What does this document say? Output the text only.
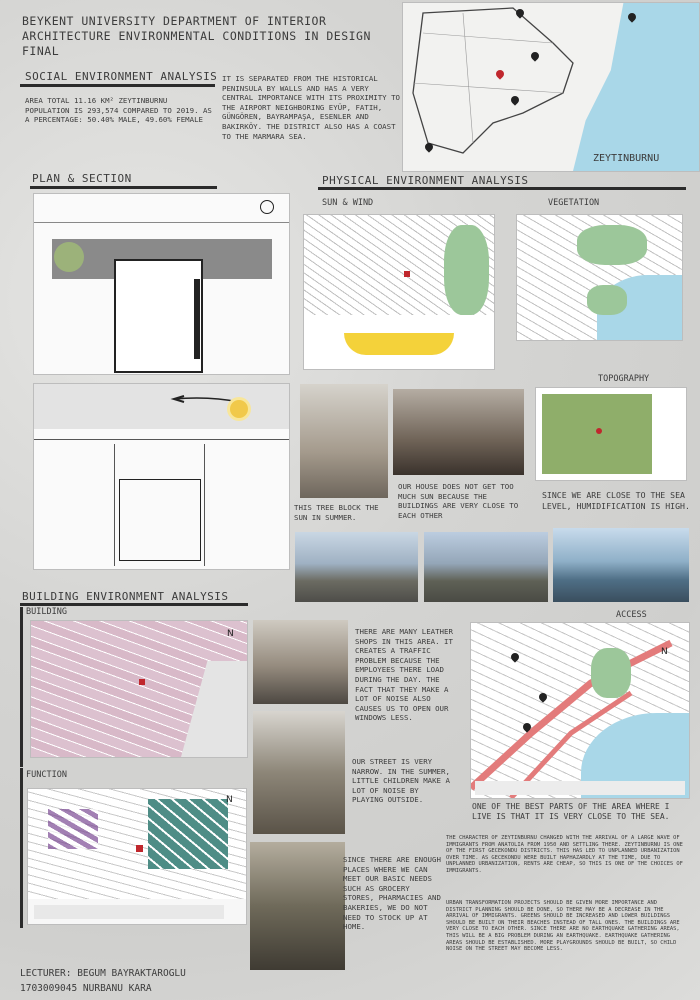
BEYKENT UNIVERSITY DEPARTMENT OF INTERIOR ARCHITECTURE ENVIRONMENTAL CONDITIONS IN DESIGN FINAL
SOCIAL ENVIRONMENT ANALYSIS
AREA TOTAL 11.16 KM² ZEYTINBURNU POPULATION IS 293,574 COMPARED TO 2019. AS A PERCENTAGE: 50.40% MALE, 49.60% FEMALE
IT IS SEPARATED FROM THE HISTORICAL PENINSULA BY WALLS AND HAS A VERY CENTRAL IMPORTANCE WITH ITS PROXIMITY TO THE AIRPORT NEIGHBORING EYÜP, FATIH, GÜNGÖREN, BAYRAMPAŞA, ESENLER AND BAKIRKÖY. THE DISTRICT ALSO HAS A COAST TO THE MARMARA SEA.
ZEYTINBURNU
PLAN & SECTION	PHYSICAL ENVIRONMENT ANALYSIS
SUN & WIND	VEGETATION
TOPOGRAPHY
THIS TREE BLOCK THE SUN IN SUMMER.
OUR HOUSE DOES NOT GET TOO MUCH SUN BECAUSE THE BUILDINGS ARE VERY CLOSE TO EACH OTHER
SINCE WE ARE CLOSE TO THE SEA LEVEL, HUMIDIFICATION IS HIGH.
BUILDING ENVIRONMENT ANALYSIS
BUILDING
N
FUNCTION
N
THERE ARE MANY LEATHER SHOPS IN THIS AREA. IT CREATES A TRAFFIC PROBLEM BECAUSE THE EMPLOYEES THERE LOAD DURING THE DAY. THE FACT THAT THEY MAKE A LOT OF NOISE ALSO CAUSES US TO OPEN OUR WINDOWS LESS.
OUR STREET IS VERY NARROW. IN THE SUMMER, LITTLE CHILDREN MAKE A LOT OF NOISE BY PLAYING OUTSIDE.
SINCE THERE ARE ENOUGH PLACES WHERE WE CAN MEET OUR BASIC NEEDS SUCH AS GROCERY STORES, PHARMACIES AND BAKERIES, WE DO NOT NEED TO STOCK UP AT HOME.
ACCESS
N
ONE OF THE BEST PARTS OF THE AREA WHERE I LIVE IS THAT IT IS VERY CLOSE TO THE SEA.
THE CHARACTER OF ZEYTINBURNU CHANGED WITH THE ARRIVAL OF A LARGE WAVE OF IMMIGRANTS FROM ANATOLIA FROM 1950 AND SETTLING THERE. ZEYTINBURNU IS ONE OF THE FIRST GECEKONDU DISTRICTS. THIS HAS LED TO UNPLANNED URBANIZATION OVER TIME. AS GECEKONDU WERE BUILT HAPHAZARDLY AT THE TIME, DUE TO UNPLANNED URBANIZATION, RENTS ARE CHEAP, SO THIS IS ONE OF THE CHOICES OF IMMIGRANTS.
URBAN TRANSFORMATION PROJECTS SHOULD BE GIVEN MORE IMPORTANCE AND DISTRICT PLANNING SHOULD BE DONE, SO THERE MAY BE A DECREASE IN THE ARRIVAL OF IMMIGRANTS. GREENS SHOULD BE INCREASED AND LOWER BUILDINGS SHOULD BE BUILT ON THEIR BEACHES INSTEAD OF TALL ONES. THE BUILDINGS ARE VERY CLOSE TO EACH OTHER. SINCE THERE ARE NO EARTHQUAKE GATHERING AREAS, THIS WILL BE A BIG PROBLEM DURING AN EARTHQUAKE. EARTHQUAKE GATHERING AREAS SHOULD BE ESTABLISHED. MORE PLAYGROUNDS SHOULD BE BUILT, SO CHILD NOISE ON THE STREET MAY BECOME LESS.
LECTURER: BEGUM BAYRAKTAROGLU
1703009045 NURBANU KARA
